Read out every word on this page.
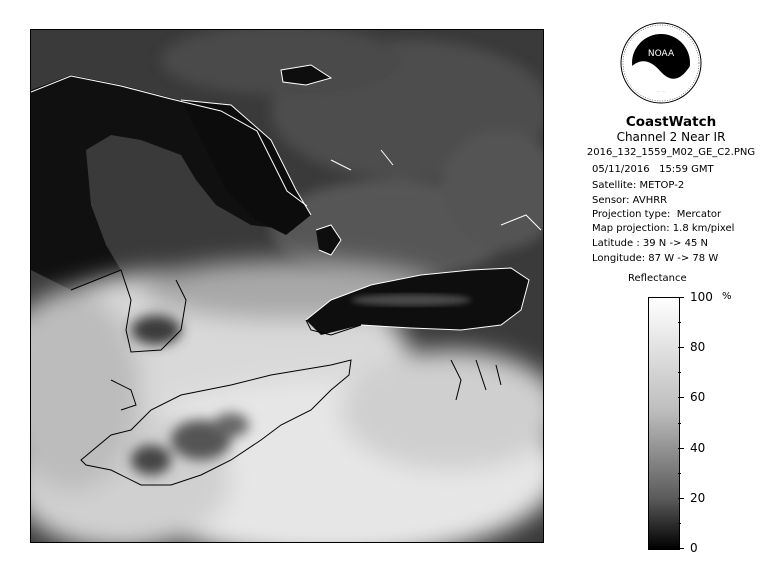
NOAA
CoastWatch
Channel 2 Near IR
2016_132_1559_M02_GE_C2.PNG
05/11/2016   15:59 GMT
Satellite: METOP-2
Sensor: AVHRR
Projection type:  Mercator
Map projection: 1.8 km/pixel
Latitude : 39 N -> 45 N
Longitude: 87 W -> 78 W
Reflectance
%
100
80
60
40
20
0
